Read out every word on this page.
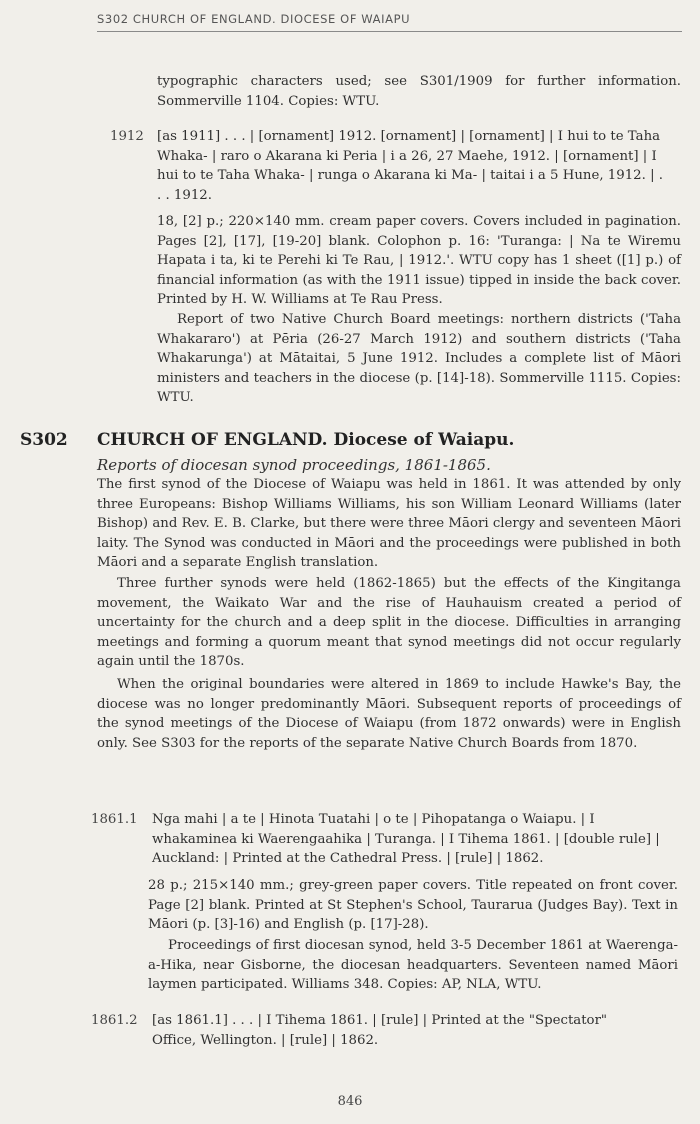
S302 CHURCH OF ENGLAND. DIOCESE OF WAIAPU
typographic characters used; see S301/1909 for further information. Sommerville 1104. Copies: WTU.
1912 [as 1911] . . . | [ornament] 1912. [ornament] | [ornament] | I hui to te Taha Whaka- | raro o Akarana ki Peria | i a 26, 27 Maehe, 1912. | [ornament] | I hui to te Taha Whaka- | runga o Akarana ki Ma- | taitai i a 5 Hune, 1912. | . . . 1912.
18, [2] p.; 220×140 mm. cream paper covers. Covers included in pagination. Pages [2], [17], [19-20] blank. Colophon p. 16: 'Turanga: | Na te Wiremu Hapata i ta, ki te Perehi ki Te Rau, | 1912.'. WTU copy has 1 sheet ([1] p.) of financial information (as with the 1911 issue) tipped in inside the back cover. Printed by H. W. Williams at Te Rau Press.
Report of two Native Church Board meetings: northern districts ('Taha Whakararo') at Pēria (26-27 March 1912) and southern districts ('Taha Whakarunga') at Mātaitai, 5 June 1912. Includes a complete list of Māori ministers and teachers in the diocese (p. [14]-18). Sommerville 1115. Copies: WTU.
S302 CHURCH OF ENGLAND. Diocese of Waiapu.
Reports of diocesan synod proceedings, 1861-1865.
The first synod of the Diocese of Waiapu was held in 1861. It was attended by only three Europeans: Bishop Williams Williams, his son William Leonard Williams (later Bishop) and Rev. E. B. Clarke, but there were three Māori clergy and seventeen Māori laity. The Synod was conducted in Māori and the proceedings were published in both Māori and a separate English translation.
Three further synods were held (1862-1865) but the effects of the Kingitanga movement, the Waikato War and the rise of Hauhauism created a period of uncertainty for the church and a deep split in the diocese. Difficulties in arranging meetings and forming a quorum meant that synod meetings did not occur regularly again until the 1870s.
When the original boundaries were altered in 1869 to include Hawke's Bay, the diocese was no longer predominantly Māori. Subsequent reports of proceedings of the synod meetings of the Diocese of Waiapu (from 1872 onwards) were in English only. See S303 for the reports of the separate Native Church Boards from 1870.
1861.1 Nga mahi | a te | Hinota Tuatahi | o te | Pihopatanga o Waiapu. | I whakaminea ki Waerengaahika | Turanga. | I Tihema 1861. | [double rule] | Auckland: | Printed at the Cathedral Press. | [rule] | 1862.
28 p.; 215×140 mm.; grey-green paper covers. Title repeated on front cover. Page [2] blank. Printed at St Stephen's School, Taurarua (Judges Bay). Text in Māori (p. [3]-16) and English (p. [17]-28).
Proceedings of first diocesan synod, held 3-5 December 1861 at Waerenga-a-Hika, near Gisborne, the diocesan headquarters. Seventeen named Māori laymen participated. Williams 348. Copies: AP, NLA, WTU.
1861.2 [as 1861.1] . . . | I Tihema 1861. | [rule] | Printed at the "Spectator" Office, Wellington. | [rule] | 1862.
846
